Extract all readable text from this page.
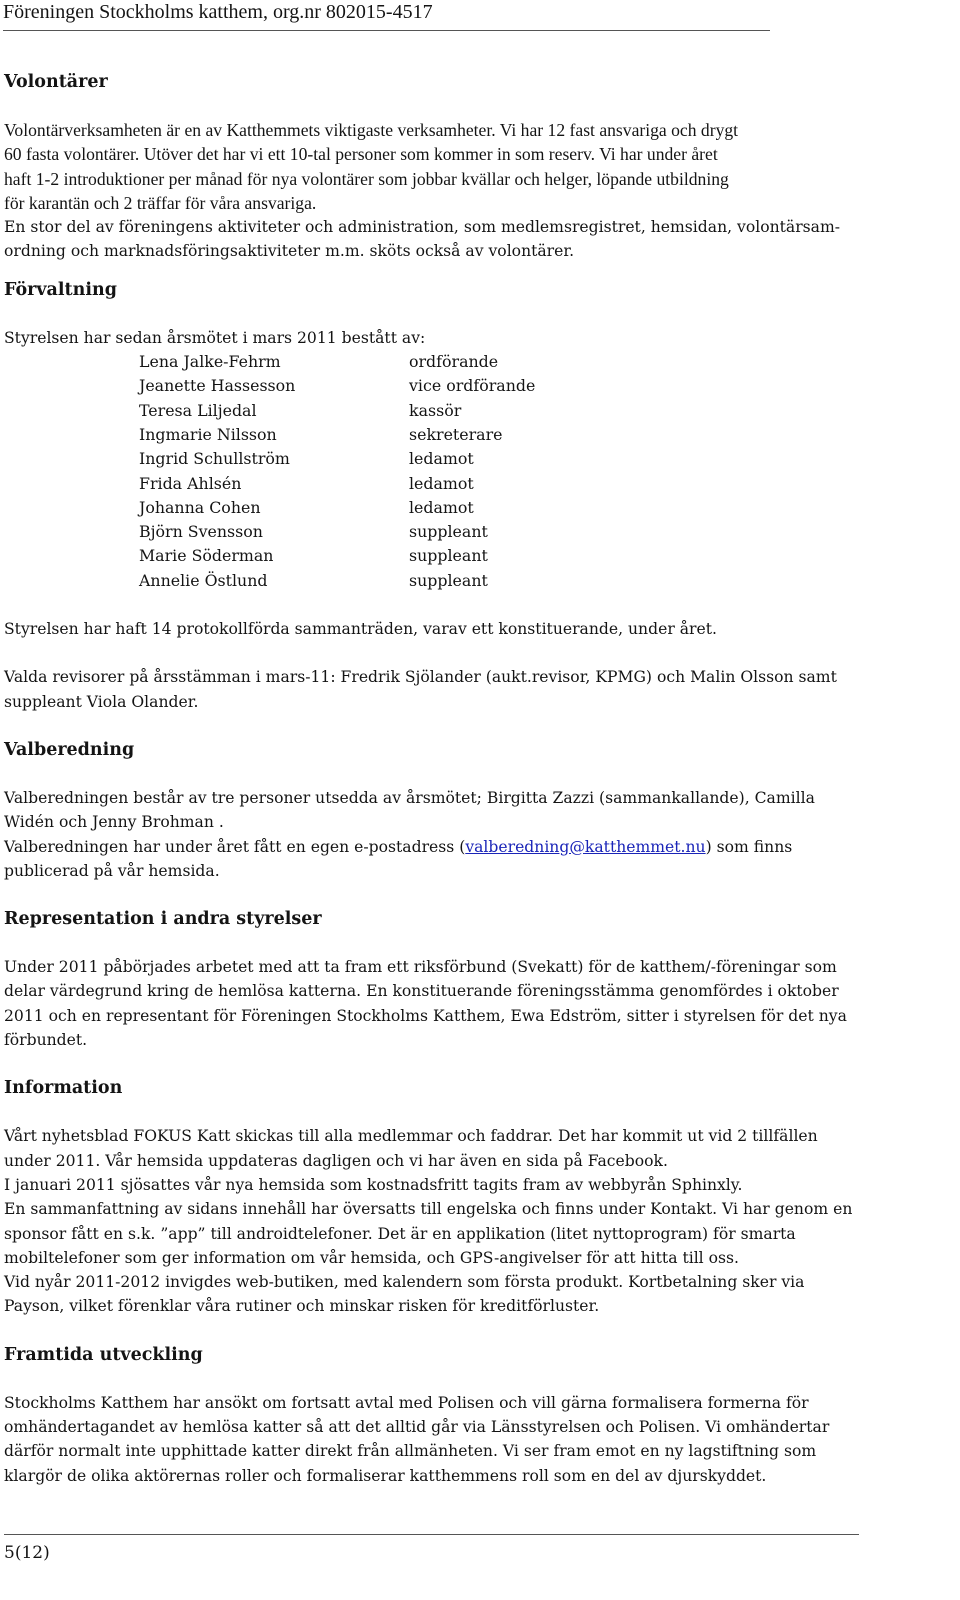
Föreningen Stockholms katthem, org.nr 802015-4517
Volontärer

Volontärverksamheten är en av Katthemmets viktigaste verksamheter. Vi har 12 fast ansvariga och drygt

60 fasta volontärer. Utöver det har vi ett 10-tal personer som kommer in som reserv. Vi har under året

haft 1-2 introduktioner per månad för nya volontärer som jobbar kvällar och helger, löpande utbildning

för karantän och 2 träffar för våra ansvariga.

En stor del av föreningens aktiviteter och administration, som medlemsregistret, hemsidan, volontärsam-

ordning och marknadsföringsaktiviteter m.m. sköts också av volontärer.

Förvaltning

Styrelsen har sedan årsmötet i mars 2011 bestått av:

Lena Jalke-Fehrm	ordförande
Jeanette Hassesson	vice ordförande
Teresa Liljedal	kassör
Ingmarie Nilsson	sekreterare
Ingrid Schullström	ledamot
Frida Ahlsén	ledamot
Johanna Cohen	ledamot
Björn Svensson	suppleant
Marie Söderman	suppleant
Annelie Östlund	suppleant

Styrelsen har haft 14 protokollförda sammanträden, varav ett konstituerande, under året.

Valda revisorer på årsstämman i mars-11: Fredrik Sjölander (aukt.revisor, KPMG) och Malin Olsson samt

suppleant Viola Olander.

Valberedning

Valberedningen består av tre personer utsedda av årsmötet; Birgitta Zazzi (sammankallande), Camilla

Widén och Jenny Brohman .

Valberedningen har under året fått en egen e-postadress (valberedning@katthemmet.nu) som finns

publicerad på vår hemsida.

Representation i andra styrelser

Under 2011 påbörjades arbetet med att ta fram ett riksförbund (Svekatt) för de katthem/-föreningar som

delar värdegrund kring de hemlösa katterna. En konstituerande föreningsstämma genomfördes i oktober

2011 och en representant för Föreningen Stockholms Katthem, Ewa Edström, sitter i styrelsen för det nya

förbundet.

Information

Vårt nyhetsblad FOKUS Katt skickas till alla medlemmar och faddrar. Det har kommit ut vid 2 tillfällen

under 2011. Vår hemsida uppdateras dagligen och vi har även en sida på Facebook.

I januari 2011 sjösattes vår nya hemsida som kostnadsfritt tagits fram av webbyrån Sphinxly.

En sammanfattning av sidans innehåll har översatts till engelska och finns under Kontakt. Vi har genom en

sponsor fått en s.k. ”app” till androidtelefoner. Det är en applikation (litet nyttoprogram) för smarta

mobiltelefoner som ger information om vår hemsida, och GPS-angivelser för att hitta till oss.

Vid nyår 2011-2012 invigdes web-butiken, med kalendern som första produkt. Kortbetalning sker via

Payson, vilket förenklar våra rutiner och minskar risken för kreditförluster.

Framtida utveckling

Stockholms Katthem har ansökt om fortsatt avtal med Polisen och vill gärna formalisera formerna för

omhändertagandet av hemlösa katter så att det alltid går via Länsstyrelsen och Polisen. Vi omhändertar

därför normalt inte upphittade katter direkt från allmänheten. Vi ser fram emot en ny lagstiftning som

klargör de olika aktörernas roller och formaliserar katthemmens roll som en del av djurskyddet.

5(12)
